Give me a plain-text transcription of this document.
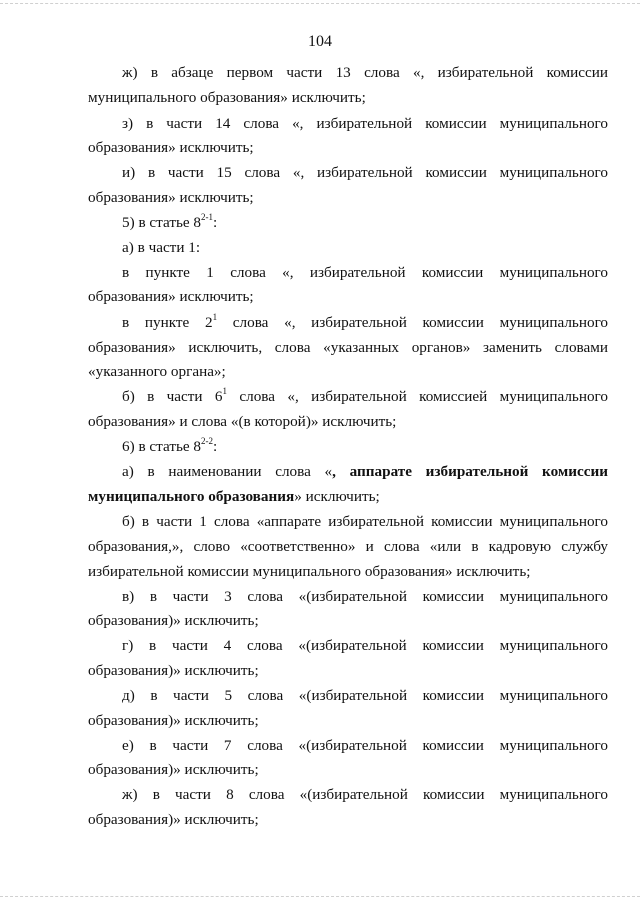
104
ж) в абзаце первом части 13 слова «, избирательной комиссии
муниципального образования» исключить;
з) в части 14 слова «, избирательной комиссии муниципального
образования» исключить;
и) в части 15 слова «, избирательной комиссии муниципального
образования» исключить;
5) в статье 8$^{2-1}$:
а) в части 1:
в пункте 1 слова «, избирательной комиссии муниципального
образования» исключить;
в пункте $2^1$ слова «, избирательной комиссии муниципального
образования» исключить, слова «указанных органов» заменить словами
«указанного органа»;
б) в части $6^1$ слова «, избирательной комиссией муниципального
образования» и слова «(в которой)» исключить;
6) в статье 8$^{2-2}$:
а) в наименовании слова «, аппарате избирательной комиссии
муниципального образования» исключить;
б) в части 1 слова «аппарате избирательной комиссии муниципального
образования,», слово «соответственно» и слова «или в кадровую службу
избирательной комиссии муниципального образования» исключить;
в) в части 3 слова «(избирательной комиссии муниципального
образования)» исключить;
г) в части 4 слова «(избирательной комиссии муниципального
образования)» исключить;
д) в части 5 слова «(избирательной комиссии муниципального
образования)» исключить;
е) в части 7 слова «(избирательной комиссии муниципального
образования)» исключить;
ж) в части 8 слова «(избирательной комиссии муниципального
образования)» исключить;
